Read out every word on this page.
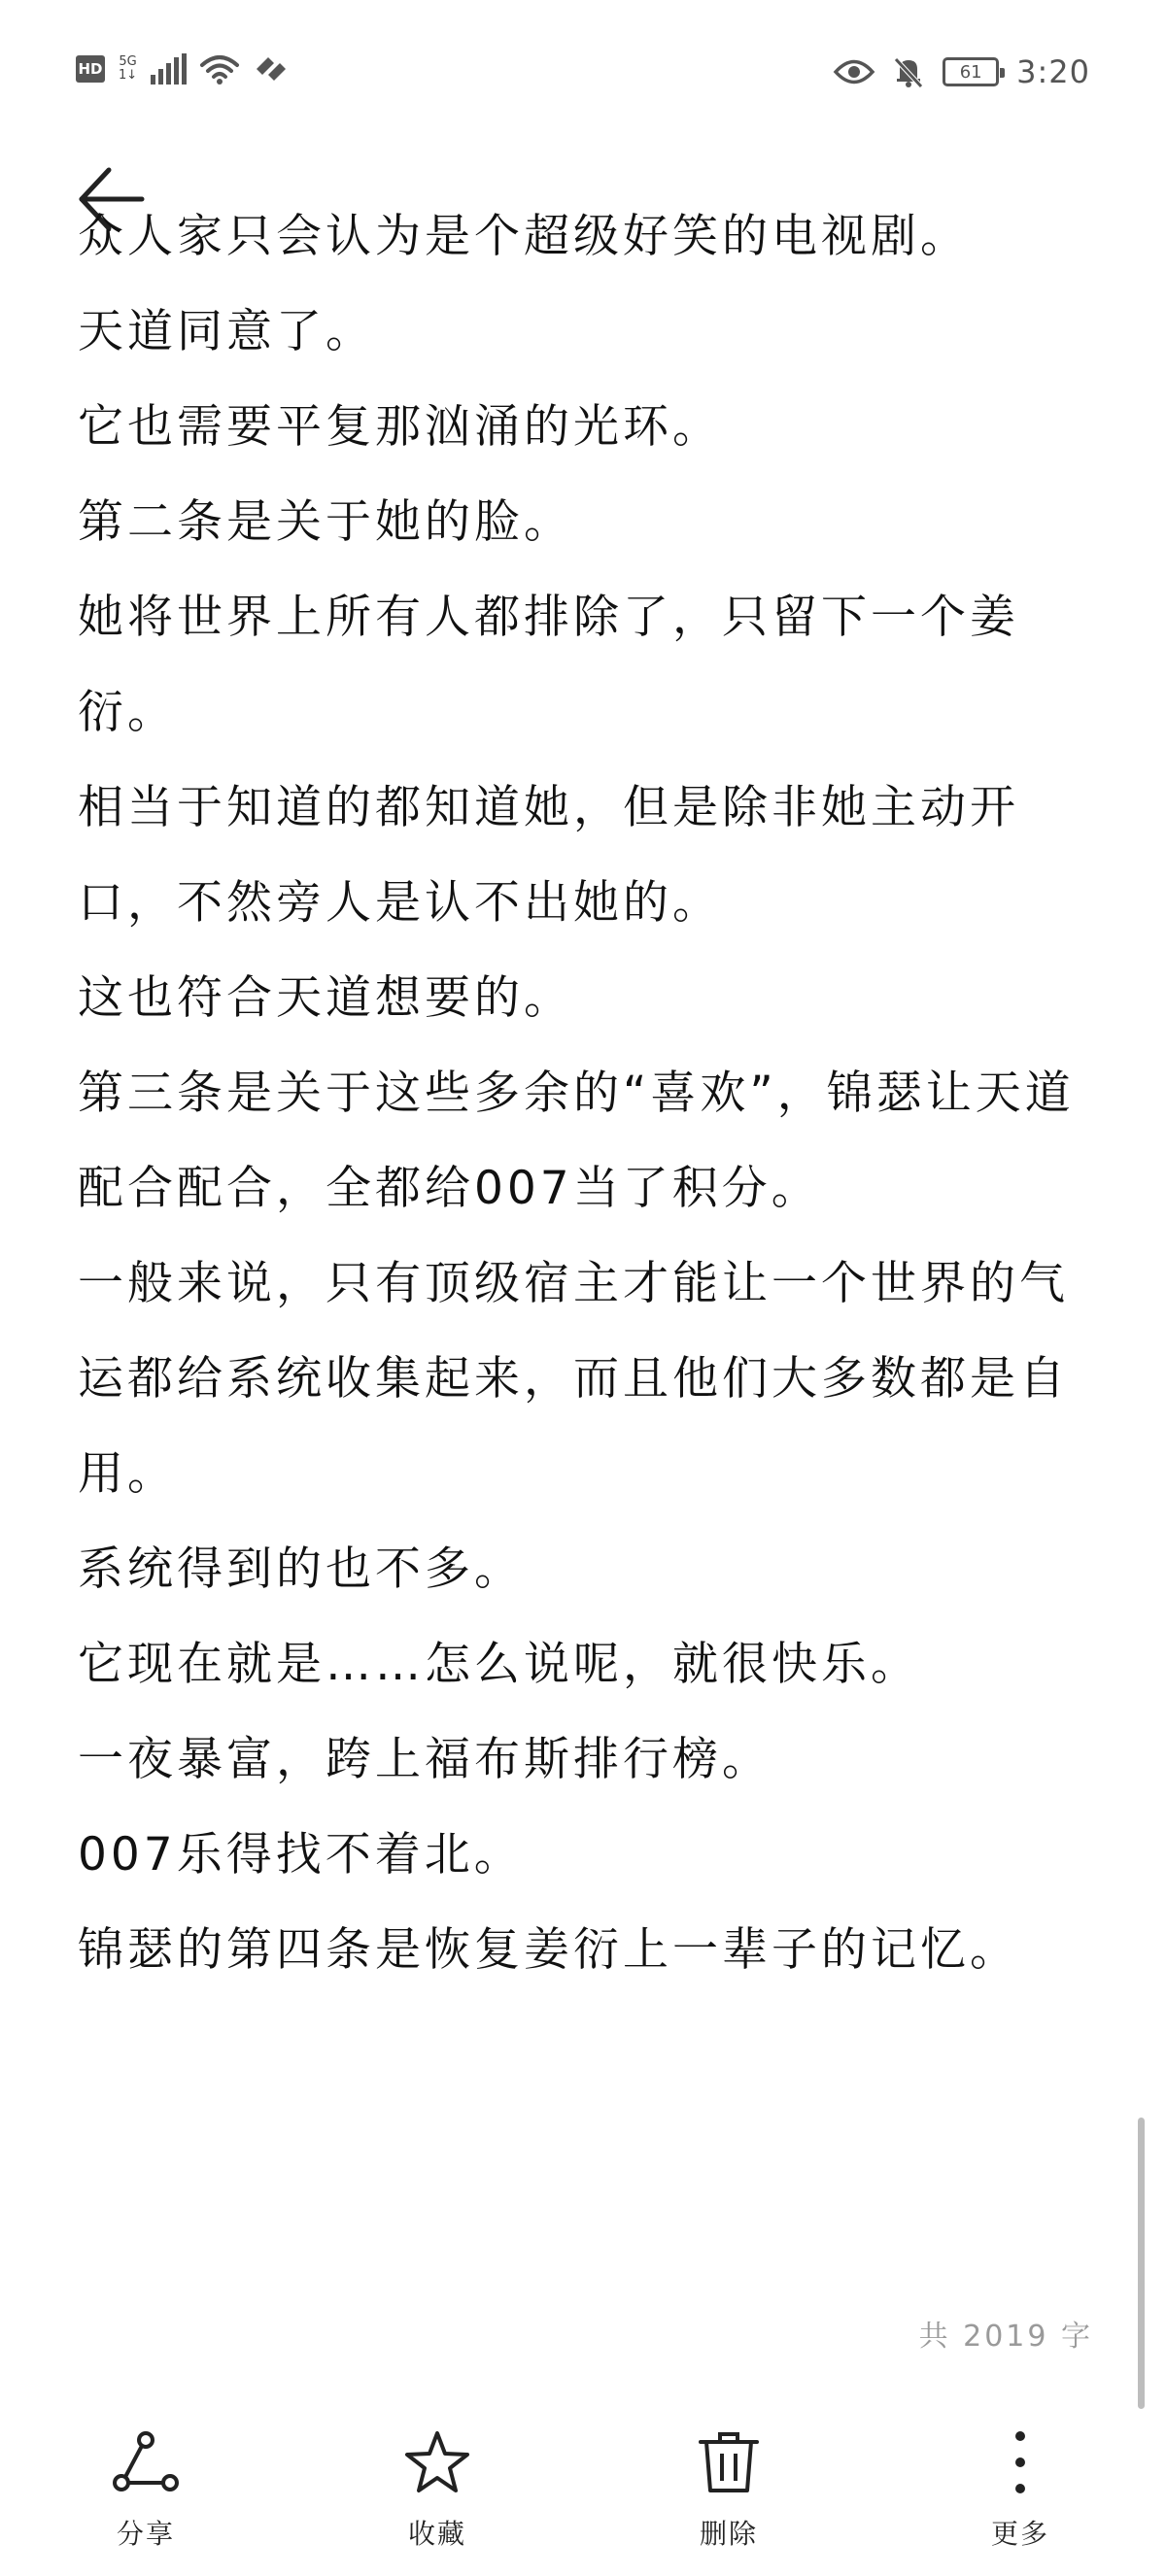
HD 5G
1↓	61	3:20

众人家只会认为是个超级好笑的电视剧。

天道同意了。

它也需要平复那汹涌的光环。

第二条是关于她的脸。

她将世界上所有人都排除了，只留下一个姜衍。

相当于知道的都知道她，但是除非她主动开口，不然旁人是认不出她的。

这也符合天道想要的。

第三条是关于这些多余的“喜欢”，锦瑟让天道配合配合，全都给007当了积分。

一般来说，只有顶级宿主才能让一个世界的气运都给系统收集起来，而且他们大多数都是自用。

系统得到的也不多。

它现在就是……怎么说呢，就很快乐。

一夜暴富，跨上福布斯排行榜。

007乐得找不着北。

锦瑟的第四条是恢复姜衍上一辈子的记忆。

共 2019 字
分享	收藏	删除	更多
